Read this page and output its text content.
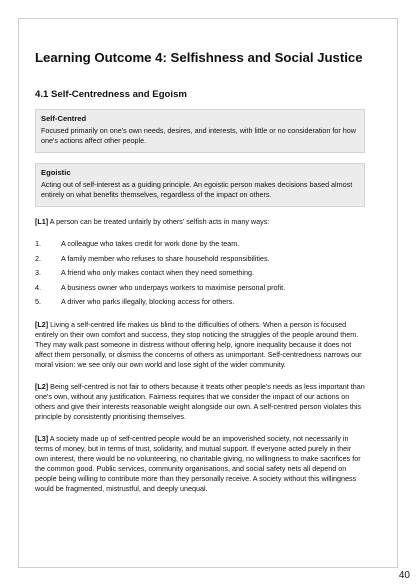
Learning Outcome 4: Selfishness and Social Justice
4.1 Self-Centredness and Egoism
Self-Centred
Focused primarily on one's own needs, desires, and interests, with little or no consideration for how one's actions affect other people.
Egoistic
Acting out of self-interest as a guiding principle. An egoistic person makes decisions based almost entirely on what benefits themselves, regardless of the impact on others.

[L1] A person can be treated unfairly by others' selfish acts in many ways:

1.	A colleague who takes credit for work done by the team.
2.	A family member who refuses to share household responsibilities.
3.	A friend who only makes contact when they need something.
4.	A business owner who underpays workers to maximise personal profit.
5.	A driver who parks illegally, blocking access for others.

[L2] Living a self-centred life makes us blind to the difficulties of others. When a person is focused entirely on their own comfort and success, they stop noticing the struggles of the people around them. They may walk past someone in distress without offering help, ignore inequality because it does not affect them personally, or dismiss the concerns of others as unimportant. Self-centredness narrows our moral vision: we see only our own world and lose sight of the wider community.

[L2] Being self-centred is not fair to others because it treats other people's needs as less important than one's own, without any justification. Fairness requires that we consider the impact of our actions on others and give their interests reasonable weight alongside our own. A self-centred person violates this principle by consistently prioritising themselves.

[L3] A society made up of self-centred people would be an impoverished society, not necessarily in terms of money, but in terms of trust, solidarity, and mutual support. If everyone acted purely in their own interest, there would be no volunteering, no charitable giving, no willingness to make sacrifices for the common good. Public services, community organisations, and social safety nets all depend on people being willing to contribute more than they personally receive. A society without this willingness would be fragmented, mistrustful, and deeply unequal.

40
